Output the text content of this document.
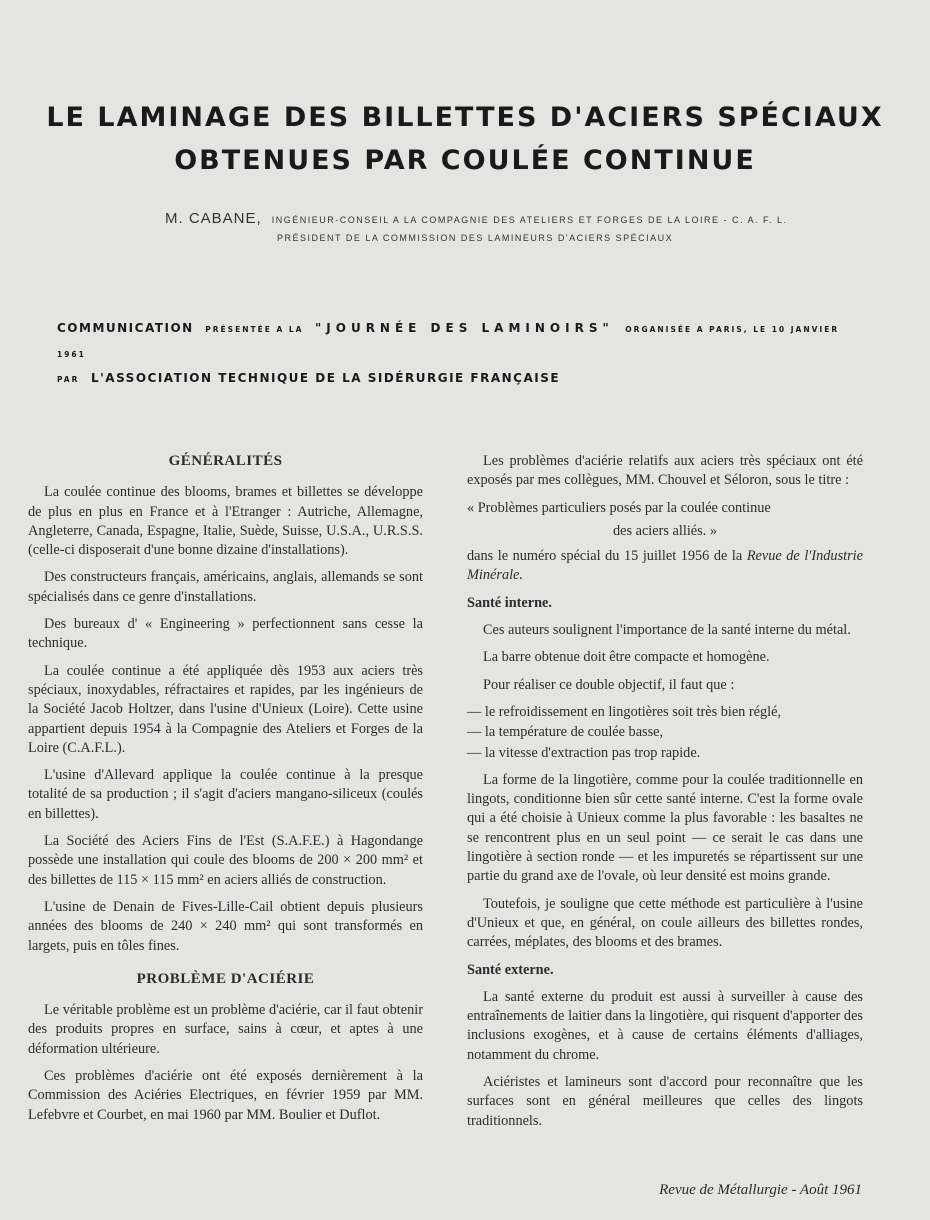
LE LAMINAGE DES BILLETTES D'ACIERS SPÉCIAUX
OBTENUES PAR COULÉE CONTINUE
M. CABANE, INGÉNIEUR-CONSEIL A LA COMPAGNIE DES ATELIERS ET FORGES DE LA LOIRE - C. A. F. L.
PRÉSIDENT DE LA COMMISSION DES LAMINEURS D'ACIERS SPÉCIAUX
COMMUNICATION PRÉSENTÉE A LA "JOURNÉE DES LAMINOIRS" ORGANISÉE A PARIS, LE 10 JANVIER 1961
PAR L'ASSOCIATION TECHNIQUE DE LA SIDÉRURGIE FRANÇAISE
GÉNÉRALITÉS

La coulée continue des blooms, brames et billettes se développe de plus en plus en France et à l'Etranger : Autriche, Allemagne, Angleterre, Canada, Espagne, Italie, Suède, Suisse, U.S.A., U.R.S.S. (celle-ci disposerait d'une bonne dizaine d'installations).

Des constructeurs français, américains, anglais, allemands se sont spécialisés dans ce genre d'installations.

Des bureaux d' « Engineering » perfectionnent sans cesse la technique.

La coulée continue a été appliquée dès 1953 aux aciers très spéciaux, inoxydables, réfractaires et rapides, par les ingénieurs de la Société Jacob Holtzer, dans l'usine d'Unieux (Loire). Cette usine appartient depuis 1954 à la Compagnie des Ateliers et Forges de la Loire (C.A.F.L.).

L'usine d'Allevard applique la coulée continue à la presque totalité de sa production ; il s'agit d'aciers mangano-siliceux (coulés en billettes).

La Société des Aciers Fins de l'Est (S.A.F.E.) à Hagondange possède une installation qui coule des blooms de 200 × 200 mm² et des billettes de 115 × 115 mm² en aciers alliés de construction.

L'usine de Denain de Fives-Lille-Cail obtient depuis plusieurs années des blooms de 240 × 240 mm² qui sont transformés en largets, puis en tôles fines.

PROBLÈME D'ACIÉRIE

Le véritable problème est un problème d'aciérie, car il faut obtenir des produits propres en surface, sains à cœur, et aptes à une déformation ultérieure.

Ces problèmes d'aciérie ont été exposés dernièrement à la Commission des Aciéries Electriques, en février 1959 par MM. Lefebvre et Courbet, en mai 1960 par MM. Boulier et Duflot.

Les problèmes d'aciérie relatifs aux aciers très spéciaux ont été exposés par mes collègues, MM. Chouvel et Séloron, sous le titre :

« Problèmes particuliers posés par la coulée continue

des aciers alliés. »

dans le numéro spécial du 15 juillet 1956 de la Revue de l'Industrie Minérale.

Santé interne.

Ces auteurs soulignent l'importance de la santé interne du métal.

La barre obtenue doit être compacte et homogène.

Pour réaliser ce double objectif, il faut que :

— le refroidissement en lingotières soit très bien réglé,

— la température de coulée basse,

— la vitesse d'extraction pas trop rapide.

La forme de la lingotière, comme pour la coulée traditionnelle en lingots, conditionne bien sûr cette santé interne. C'est la forme ovale qui a été choisie à Unieux comme la plus favorable : les basaltes ne se rencontrent plus en un seul point — ce serait le cas dans une lingotière à section ronde — et les impuretés se répartissent sur une partie du grand axe de l'ovale, où leur densité est moins grande.

Toutefois, je souligne que cette méthode est particulière à l'usine d'Unieux et que, en général, on coule ailleurs des billettes rondes, carrées, méplates, des blooms et des brames.

Santé externe.

La santé externe du produit est aussi à surveiller à cause des entraînements de laitier dans la lingotière, qui risquent d'apporter des inclusions exogènes, et à cause de certains éléments d'alliages, notamment du chrome.

Aciéristes et lamineurs sont d'accord pour reconnaître que les surfaces sont en général meilleures que celles des lingots traditionnels.

Revue de Métallurgie - Août 1961
